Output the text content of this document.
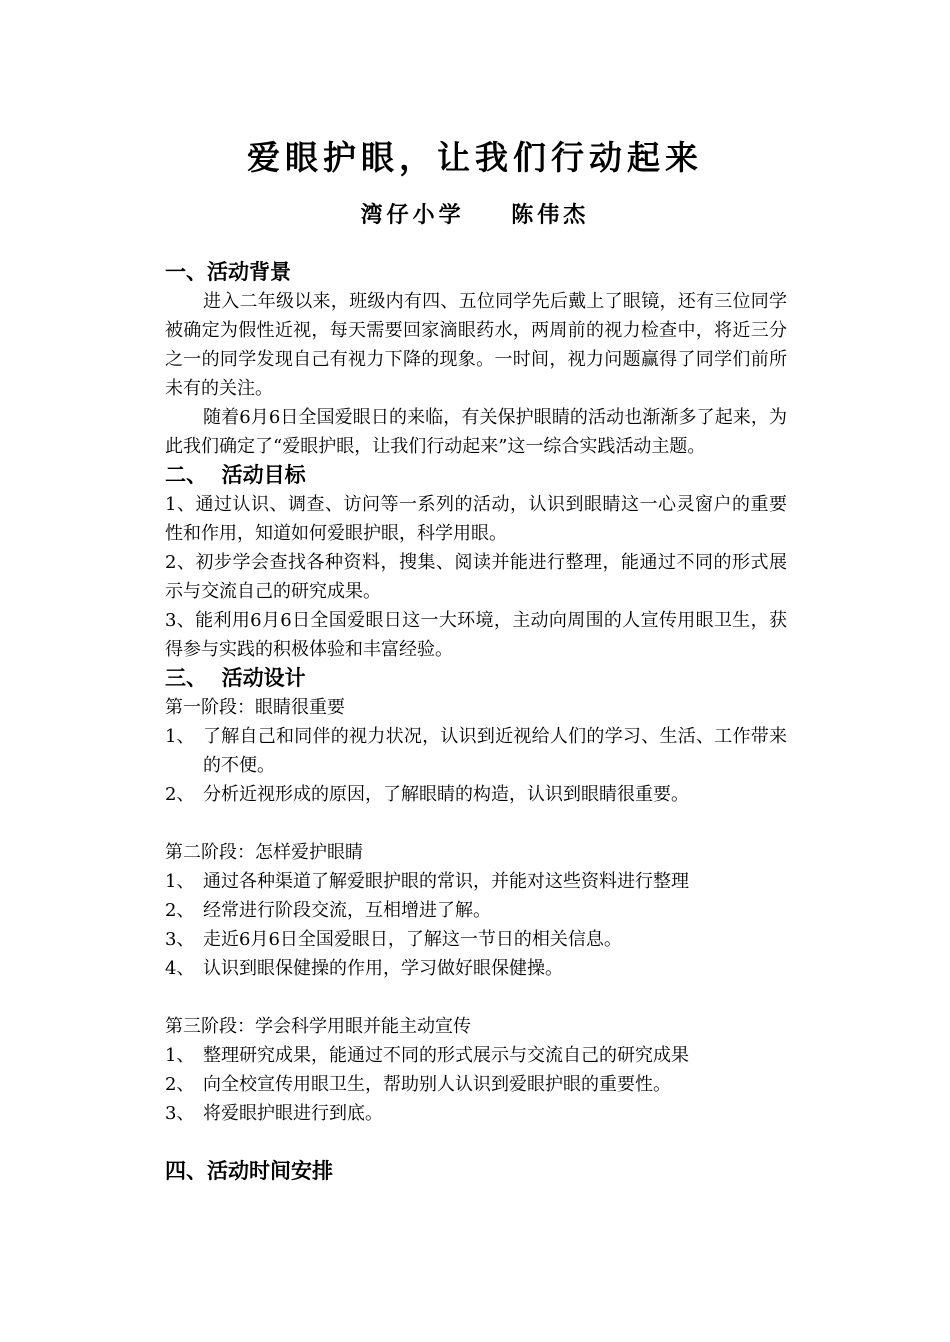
爱眼护眼，让我们行动起来
湾仔小学    陈伟杰
一、活动背景
进入二年级以来，班级内有四、五位同学先后戴上了眼镜，还有三位同学被确定为假性近视，每天需要回家滴眼药水，两周前的视力检查中，将近三分之一的同学发现自己有视力下降的现象。一时间，视力问题赢得了同学们前所未有的关注。
随着6月6日全国爱眼日的来临，有关保护眼睛的活动也渐渐多了起来，为此我们确定了“爱眼护眼，让我们行动起来”这一综合实践活动主题。
二、  活动目标
1、通过认识、调查、访问等一系列的活动，认识到眼睛这一心灵窗户的重要性和作用，知道如何爱眼护眼，科学用眼。
2、初步学会查找各种资料，搜集、阅读并能进行整理，能通过不同的形式展示与交流自己的研究成果。
3、能利用6月6日全国爱眼日这一大环境，主动向周围的人宣传用眼卫生，获得参与实践的积极体验和丰富经验。
三、  活动设计
第一阶段：眼睛很重要
1、 了解自己和同伴的视力状况，认识到近视给人们的学习、生活、工作带来的不便。
2、 分析近视形成的原因，了解眼睛的构造，认识到眼睛很重要。
第二阶段：怎样爱护眼睛
1、 通过各种渠道了解爱眼护眼的常识，并能对这些资料进行整理
2、 经常进行阶段交流，互相增进了解。
3、 走近6月6日全国爱眼日，了解这一节日的相关信息。
4、 认识到眼保健操的作用，学习做好眼保健操。
第三阶段：学会科学用眼并能主动宣传
1、 整理研究成果，能通过不同的形式展示与交流自己的研究成果
2、 向全校宣传用眼卫生，帮助别人认识到爱眼护眼的重要性。
3、 将爱眼护眼进行到底。
四、活动时间安排
